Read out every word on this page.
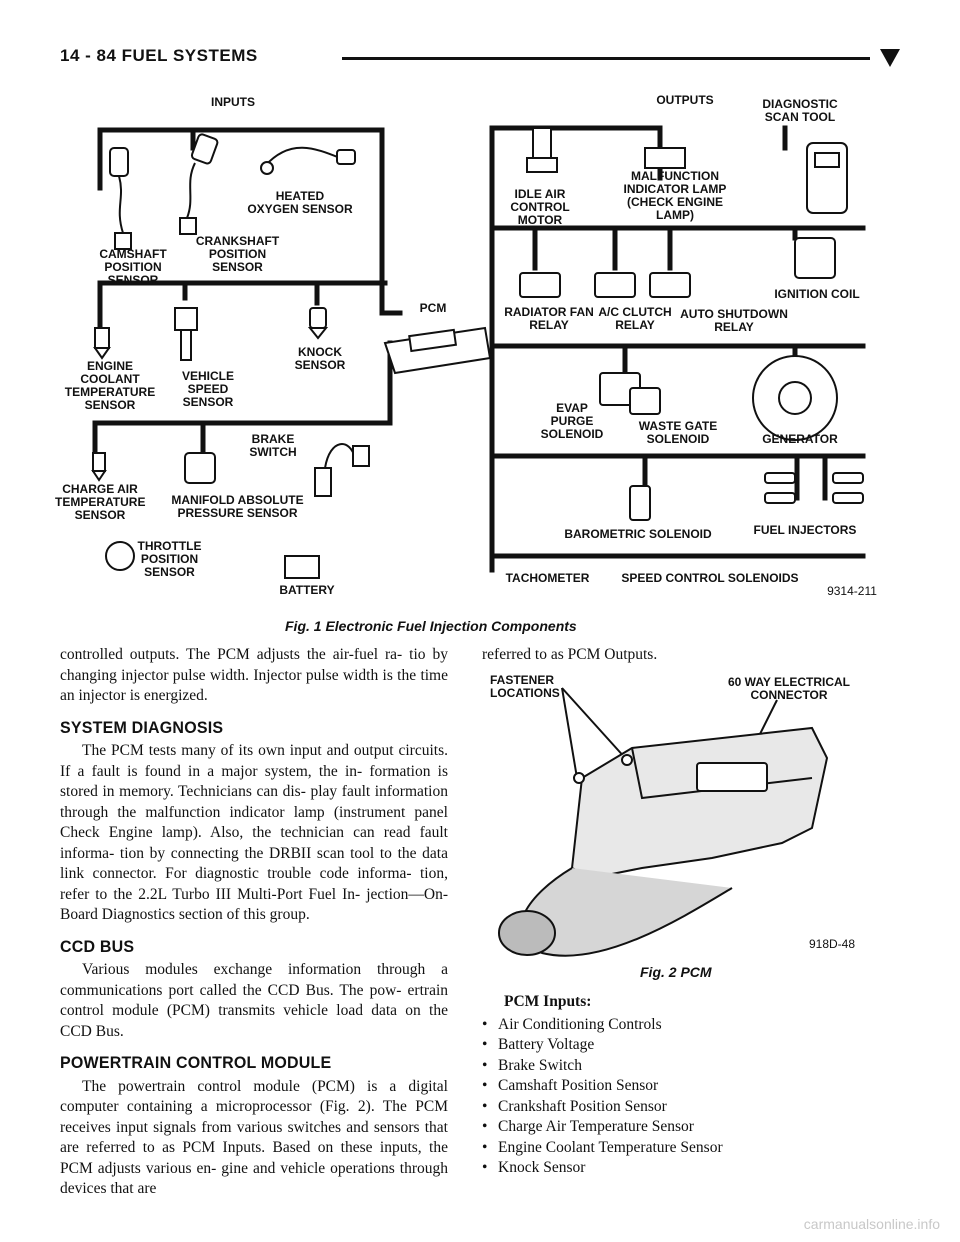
14 - 84 FUEL SYSTEMS
INPUTS	OUTPUTS	DIAGNOSTIC
SCAN TOOL
CAMSHAFT
POSITION
SENSOR
CRANKSHAFT
POSITION
SENSOR
HEATED
OXYGEN SENSOR
PCM
ENGINE
COOLANT
TEMPERATURE
SENSOR
VEHICLE
SPEED
SENSOR
KNOCK
SENSOR
BRAKE
SWITCH
CHARGE AIR
TEMPERATURE
SENSOR
MANIFOLD ABSOLUTE
PRESSURE SENSOR
THROTTLE
POSITION
SENSOR
BATTERY
IDLE AIR
CONTROL
MOTOR
MALFUNCTION
INDICATOR LAMP
(CHECK ENGINE
LAMP)
IGNITION COIL
RADIATOR FAN
RELAY
A/C CLUTCH
RELAY
AUTO SHUTDOWN
RELAY
EVAP
PURGE
SOLENOID
WASTE GATE
SOLENOID	GENERATOR
BAROMETRIC SOLENOID	FUEL INJECTORS
TACHOMETER	SPEED CONTROL SOLENOIDS
9314-211
Fig. 1 Electronic Fuel Injection Components

controlled outputs. The PCM adjusts the air-fuel ra- tio by changing injector pulse width. Injector pulse width is the time an injector is energized.

SYSTEM DIAGNOSIS

The PCM tests many of its own input and output circuits. If a fault is found in a major system, the in- formation is stored in memory. Technicians can dis- play fault information through the malfunction indicator lamp (instrument panel Check Engine lamp). Also, the technician can read fault informa- tion by connecting the DRBII scan tool to the data link connector. For diagnostic trouble code informa- tion, refer to the 2.2L Turbo III Multi-Port Fuel In- jection—On-Board Diagnostics section of this group.

CCD BUS

Various modules exchange information through a communications port called the CCD Bus. The pow- ertrain control module (PCM) transmits vehicle load data on the CCD Bus.

POWERTRAIN CONTROL MODULE

The powertrain control module (PCM) is a digital computer containing a microprocessor (Fig. 2). The PCM receives input signals from various switches and sensors that are referred to as PCM Inputs. Based on these inputs, the PCM adjusts various en- gine and vehicle operations through devices that are

referred to as PCM Outputs.

FASTENER
LOCATIONS
60 WAY ELECTRICAL
CONNECTOR
918D-48
Fig. 2 PCM
PCM Inputs:
• Air Conditioning Controls
• Battery Voltage
• Brake Switch
• Camshaft Position Sensor
• Crankshaft Position Sensor
• Charge Air Temperature Sensor
• Engine Coolant Temperature Sensor
• Knock Sensor
carmanualsonline.info
